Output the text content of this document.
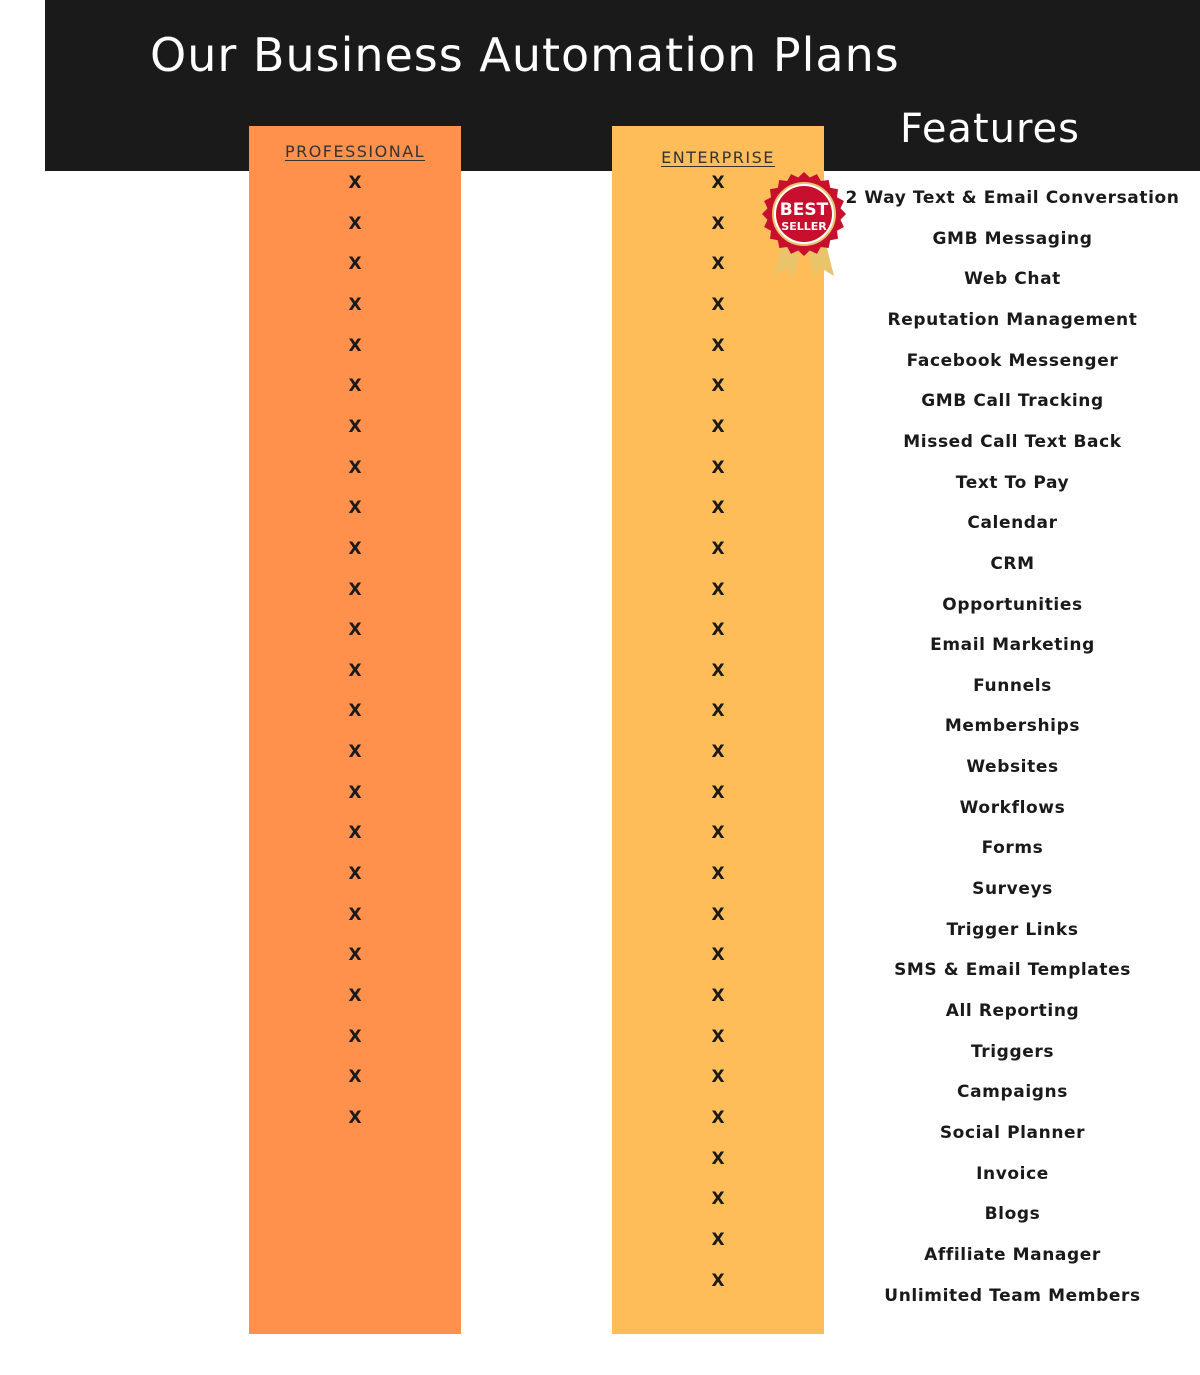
Our Business Automation Plans
PROFESSIONAL
X
X
X
X
X
X
X
X
X
X
X
X
X
X
X
X
X
X
X
X
X
X
X
X
ENTERPRISE
X
X
X
X
X
X
X
X
X
X
X
X
X
X
X
X
X
X
X
X
X
X
X
X
X
X
X
X
Features
2 Way Text & Email Conversation
GMB Messaging
Web Chat
Reputation Management
Facebook Messenger
GMB Call Tracking
Missed Call Text Back
Text To Pay
Calendar
CRM
Opportunities
Email Marketing
Funnels
Memberships
Websites
Workflows
Forms
Surveys
Trigger Links
SMS & Email Templates
All Reporting
Triggers
Campaigns
Social Planner
Invoice
Blogs
Affiliate Manager
Unlimited Team Members
BEST
SELLER
